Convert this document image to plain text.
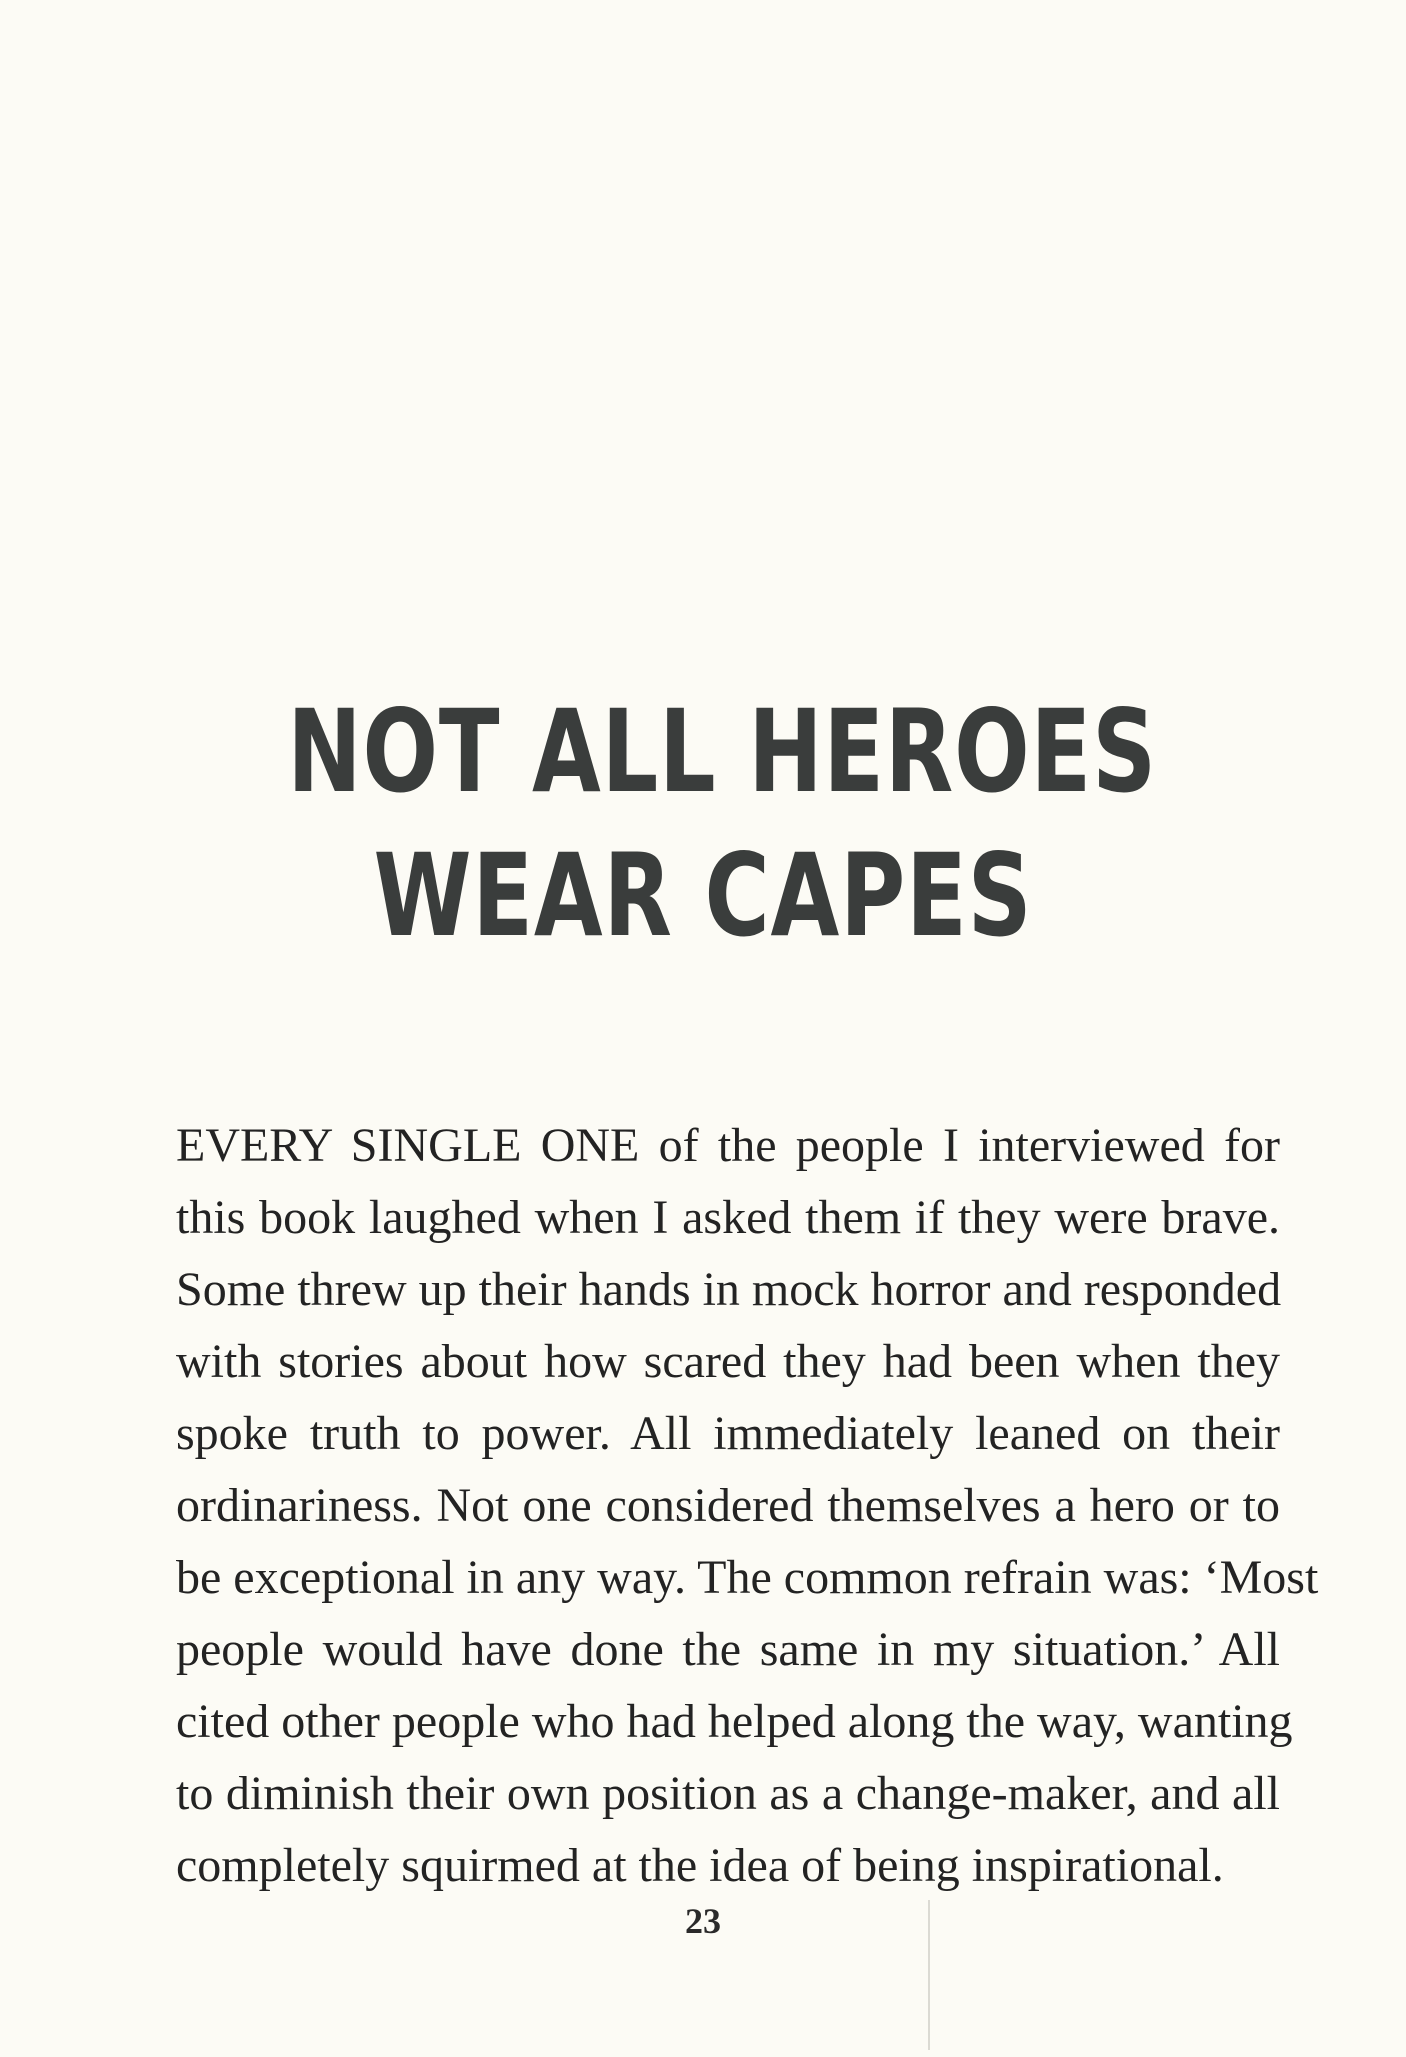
NOT ALL HEROES
WEAR CAPES
EVERY SINGLE ONE of the people I interviewed for
this book laughed when I asked them if they were brave.
Some threw up their hands in mock horror and responded
with stories about how scared they had been when they
spoke truth to power. All immediately leaned on their
ordinariness. Not one considered themselves a hero or to
be exceptional in any way. The common refrain was: ‘Most
people would have done the same in my situation.’ All
cited other people who had helped along the way, wanting
to diminish their own position as a change-maker, and all
completely squirmed at the idea of being inspirational.

23
